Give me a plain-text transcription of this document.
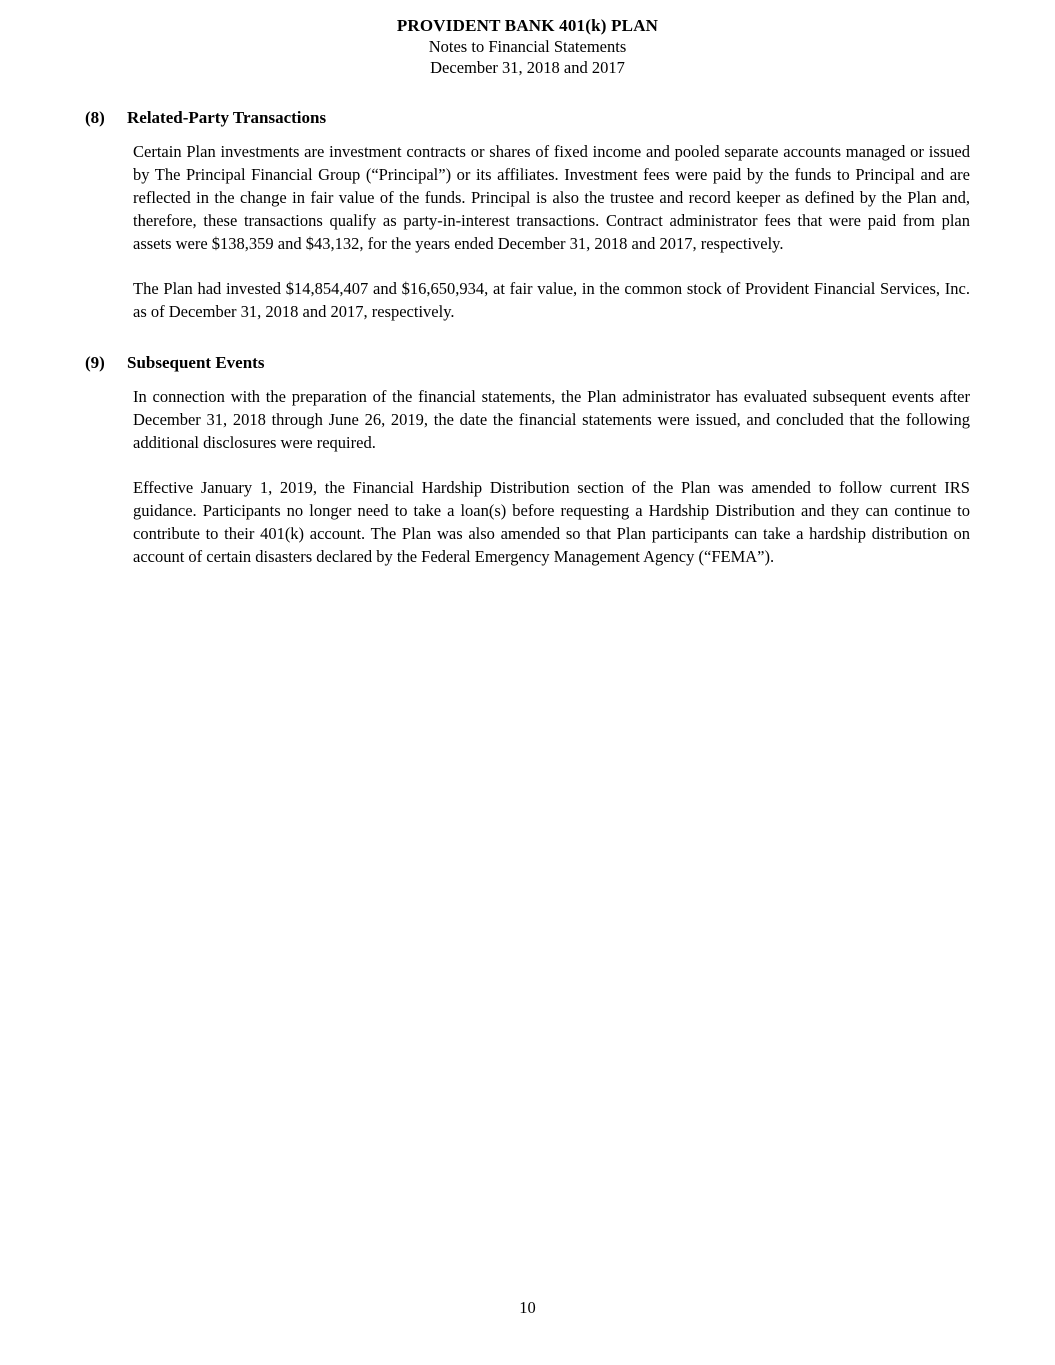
PROVIDENT BANK 401(k) PLAN
Notes to Financial Statements
December 31, 2018 and 2017
(8)	Related-Party Transactions

Certain Plan investments are investment contracts or shares of fixed income and pooled separate accounts managed or issued by The Principal Financial Group (“Principal”) or its affiliates. Investment fees were paid by the funds to Principal and are reflected in the change in fair value of the funds. Principal is also the trustee and record keeper as defined by the Plan and, therefore, these transactions qualify as party-in-interest transactions. Contract administrator fees that were paid from plan assets were $138,359 and $43,132, for the years ended December 31, 2018 and 2017, respectively.

The Plan had invested $14,854,407 and $16,650,934, at fair value, in the common stock of Provident Financial Services, Inc. as of December 31, 2018 and 2017, respectively.

(9)	Subsequent Events

In connection with the preparation of the financial statements, the Plan administrator has evaluated subsequent events after December 31, 2018 through June 26, 2019, the date the financial statements were issued, and concluded that the following additional disclosures were required.

Effective January 1, 2019, the Financial Hardship Distribution section of the Plan was amended to follow current IRS guidance. Participants no longer need to take a loan(s) before requesting a Hardship Distribution and they can continue to contribute to their 401(k) account. The Plan was also amended so that Plan participants can take a hardship distribution on account of certain disasters declared by the Federal Emergency Management Agency (“FEMA”).

10
